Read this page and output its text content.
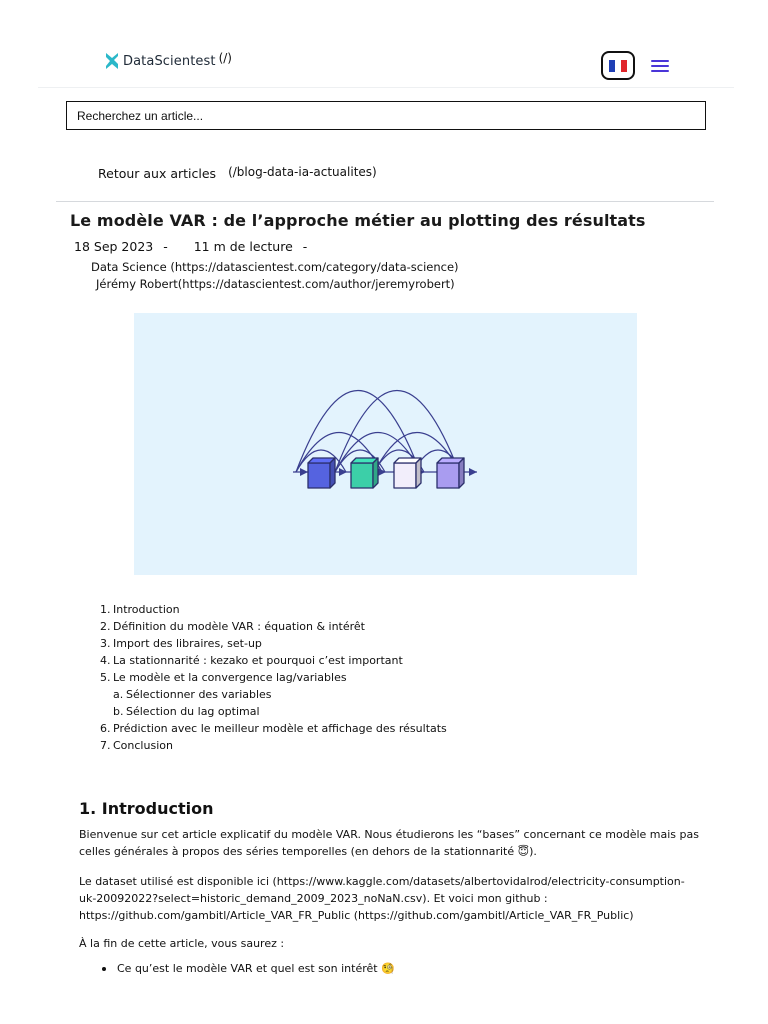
DataScientest (/)
Recherchez un article...
Retour aux articles (/blog-data-ia-actualites)
Le modèle VAR : de l’approche métier au plotting des résultats
18 Sep 2023 - 11 m de lecture -
Data Science (https://datascientest.com/category/data-science)
Jérémy Robert(https://datascientest.com/author/jeremyrobert)
1.Introduction
2.Définition du modèle VAR : équation & intérêt
3.Import des libraires, set-up
4.La stationnarité : kezako et pourquoi c’est important
5.Le modèle et la convergence lag/variables
a.Sélectionner des variables
b.Sélection du lag optimal
6.Prédiction avec le meilleur modèle et affichage des résultats
7.Conclusion
1. Introduction

Bienvenue sur cet article explicatif du modèle VAR. Nous étudierons les “bases” concernant ce modèle mais pas celles générales à propos des séries temporelles (en dehors de la stationnarité 😇).

Le dataset utilisé est disponible ici (https://www.kaggle.com/datasets/albertovidalrod/electricity-consumption-uk-20092022?select=historic_demand_2009_2023_noNaN.csv). Et voici mon github : https://github.com/gambitl/Article_VAR_FR_Public (https://github.com/gambitl/Article_VAR_FR_Public)

À la fin de cette article, vous saurez :

Ce qu’est le modèle VAR et quel est son intérêt 🧐
